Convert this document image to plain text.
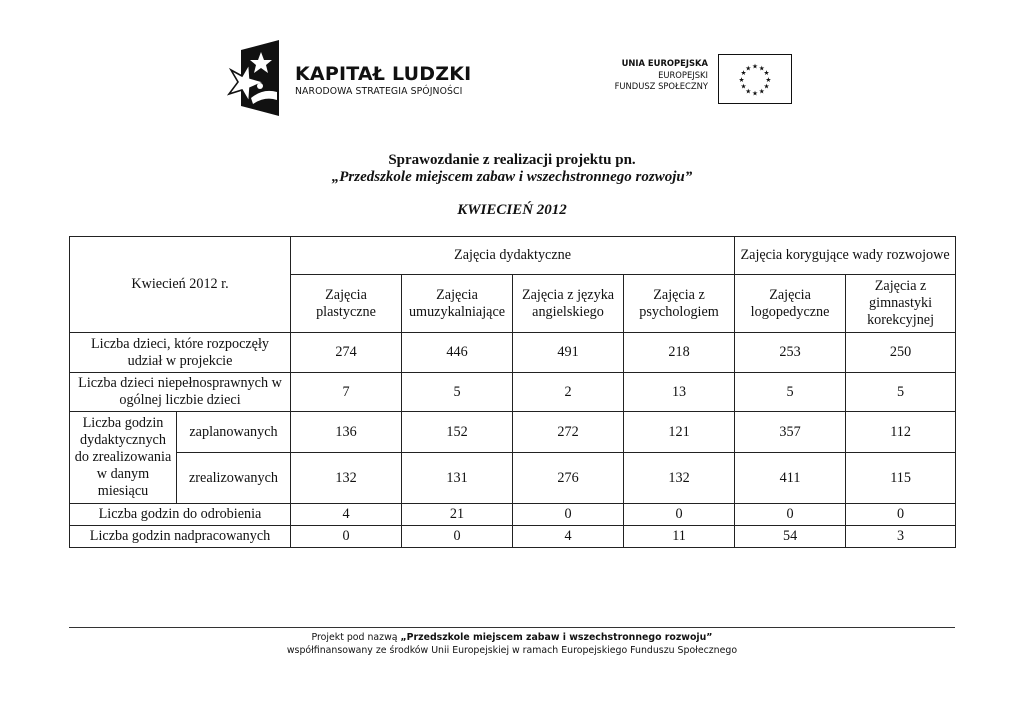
KAPITAŁ LUDZKI
NARODOWA STRATEGIA SPÓJNOŚCI
UNIA EUROPEJSKA
EUROPEJSKI
FUNDUSZ SPOŁECZNY
★ ★
★
★
★
★
★
★
★
★
★
★
Sprawozdanie z realizacji projektu pn.
„Przedszkole miejscem zabaw i wszechstronnego rozwoju”
KWIECIEŃ 2012
Kwiecień 2012 r.		Zajęcia dydaktyczne				Zajęcia korygujące wady rozwojowe	
		Zajęcia plastyczne	Zajęcia umuzykalniające	Zajęcia z języka angielskiego	Zajęcia z psychologiem	Zajęcia logopedyczne	Zajęcia z gimnastyki korekcyjnej
Liczba dzieci, które rozpoczęły udział w projekcie		274	446	491	218	253	250
Liczba dzieci niepełnosprawnych w ogólnej liczbie dzieci		7	5	2	13	5	5
Liczba godzin dydaktycznych do zrealizowania w danym miesiącu	zaplanowanych	136	152	272	121	357	112
	zrealizowanych	132	131	276	132	411	115
Liczba godzin do odrobienia		4	21	0	0	0	0
Liczba godzin nadpracowanych		0	0	4	11	54	3
Projekt pod nazwą „Przedszkole miejscem zabaw i wszechstronnego rozwoju”
współfinansowany ze środków Unii Europejskiej w ramach Europejskiego Funduszu Społecznego
